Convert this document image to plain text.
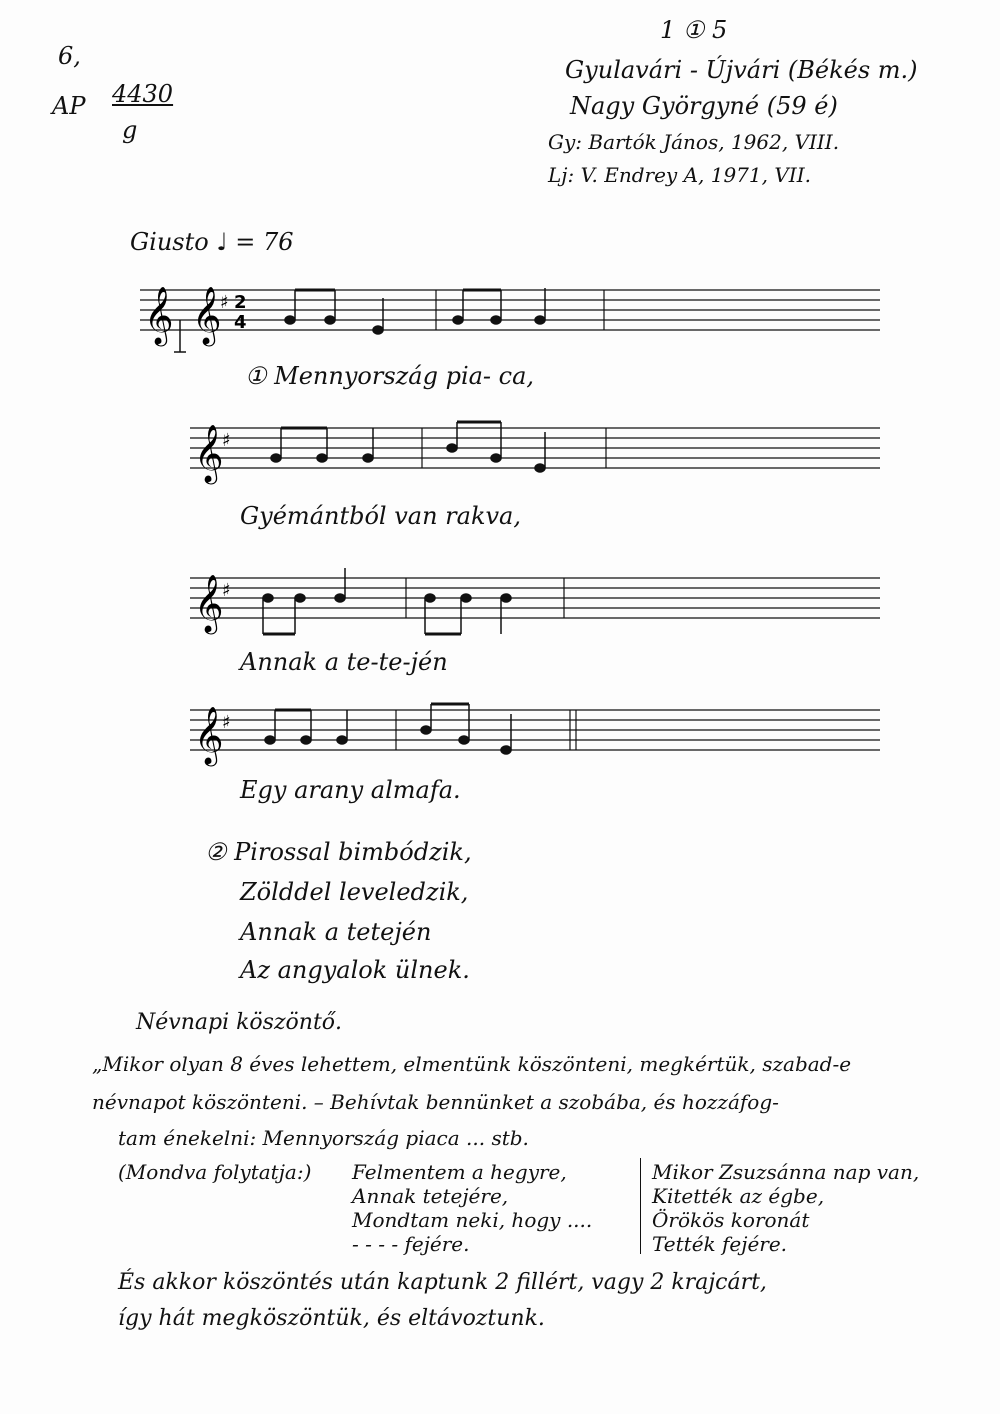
6,
AP 4430
g
1 ① 5
Gyulavári - Újvári (Békés m.)
Nagy Györgyné (59 é)
Gy: Bartók János, 1962, VIII.
Lj: V. Endrey A, 1971, VII.
Giusto ♩ = 76
𝄞 𝄞
♯ 2
4
① Mennyország pia- ca,
𝄞
♯
Gyémántból van rakva,
𝄞
♯
Annak a te-te-jén
𝄞
♯
Egy arany almafa.
② Pirossal bimbódzik,
Zölddel leveledzik,
Annak a tetején
Az angyalok ülnek.
Névnapi köszöntő.
„Mikor olyan 8 éves lehettem, elmentünk köszönteni, megkértük, szabad-e
névnapot köszönteni. – Behívtak bennünket a szobába, és hozzáfog-
tam énekelni: Mennyország piaca ... stb.
(Mondva folytatja:) Felmentem a hegyre,
Annak tetejére,
Mondtam neki, hogy ....
- - - - fejére.
Mikor Zsuzsánna nap van,
Kitették az égbe,
Örökös koronát
Tették fejére.
És akkor köszöntés után kaptunk 2 fillért, vagy 2 krajcárt,
így hát megköszöntük, és eltávoztunk.
